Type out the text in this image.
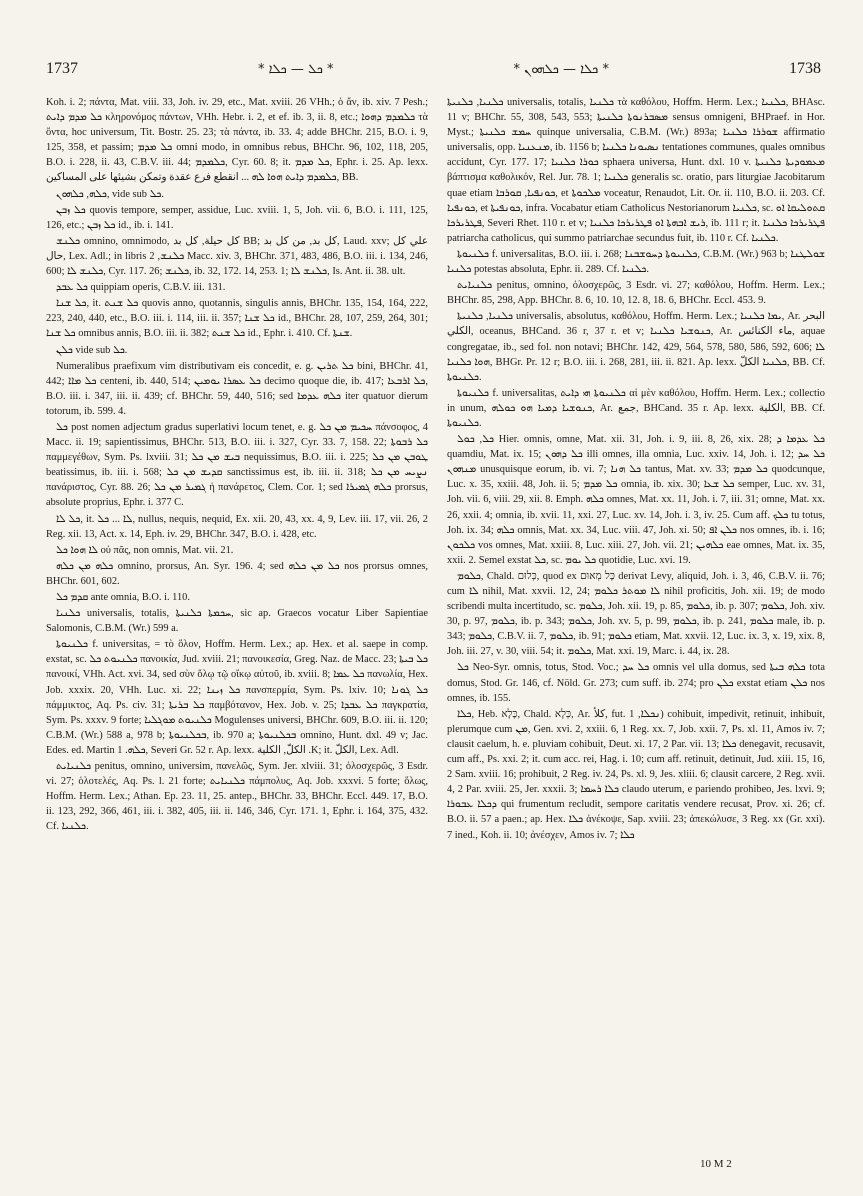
1737	* ܟܠ — ܟܠܐ *	* ܟܠܐ — ܟܠܗܘܢ *	1738

Koh. i. 2; πάντα, Mat. viii. 33, Joh. iv. 29, etc., Mat. xviii. 26 VHh.; ὁ ἄν, ib. xiv. 7 Pesh.; ܟܠ ܡܕܡ ܕܐܝܬ κληρονόμος πάντων, VHh. Hebr. i. 2, et ef. ib. 3, ii. 8, etc.; ܟܠܡܕܡ ܕܗܘܐ τὰ ὄντα, hoc universum, Tit. Bostr. 25. 23; τὰ πάντα, ib. 33. 4; adde BHChr. 215, B.O. i. 9, 125, 358, et passim; ܟܠ ܡܕܡ omni modo, in omnibus rebus, BHChr. 96, 102, 118, 205, B.O. i. 228, ii. 43, C.B.V. iii. 44; ܟܠܡܕܡ, Cyr. 60. 8; it. ܟܠ ܡܕܡ, Ephr. i. 25. Ap. lexx. ܟܠܡܕܡ ܕܐܝܬ ܗܘܐ ܠܗ ... انقطع فرع عقدة وتمكن بشيئها على المساكين, BB.

ܟܠܗ, ܟܠܗܘܢ, vide sub ܟܠ.

ܟܠ ܙܒܢ quovis tempore, semper, assidue, Luc. xviii. 1, 5, Joh. vii. 6, B.O. i. 111, 125, 126, etc.; ܟܠ ܙܒܢ id., ib. i. 141.

ܟܠܢܫ omnino, omnimodo, كل حيلة, كل بد BB; كل بد, من كل بد, Laud. xxv; علي كل حال, Lex. Adl.; in libris ܟܠܢܫ, 2 Macc. xiv. 3, BHChr. 371, 483, 486, B.O. iii. i. 134, 246, 600; ܟܠܢܫ ܠܐ, Cyr. 117. 26; ܟܠܢܫ, ib. 32, 172. 14, 253. 1; ܟܠܢܫ ܠܐ, Is. Ant. ii. 38. ult.

ܟܠ ܥܒܕ quippiam operis, C.B.V. iii. 131.

ܟܠ ܫܢܐ, it. ܟܠ ܫܢܬ quovis anno, quotannis, singulis annis, BHChr. 135, 154, 164, 222, 223, 240, 440, etc., B.O. iii. i. 114, iii. ii. 357; ܟܠ ܫܢܐ id., BHChr. 28, 107, 259, 264, 301; ܟܠ ܫܢܐ omnibus annis, B.O. iii. ii. 382; ܟܠ ܫܢܬ id., Ephr. i. 410. Cf. ܫܢܬܐ.

ܟܠܢ vide sub ܟܠ.

Numeralibus praefixum vim distributivam eis concedit, e. g. ܟܠ ܬܪܝܢ bini, BHChr. 41, 442; ܟܠ ܡܐܐ centeni, ib. 440, 514; ܟܠ ܥܣܪܐ ܝܘܡܝܢ decimo quoque die, ib. 417; ܟܠ ܐܪܒܥܐ, B.O. iii. i. 347, iii. ii. 439; cf. BHChr. 59, 440, 516; sed ܟܠܗ ܥܕܡܐ iter quatuor dierum totorum, ib. 599. 4.

ܟܠ post nomen adjectum gradus superlativi locum tenet, e. g. ܚܟܝܡ ܡܢ ܟܠ πάνσοφος, 4 Macc. ii. 19; sapientissimus, BHChr. 513, B.O. iii. i. 327, Cyr. 33. 7, 158. 22; ܟܠ ܪܒܘܬܐ παμμεγέθων, Sym. Ps. lxviii. 31; ܒܝܫ ܡܢ ܟܠ nequissimus, B.O. iii. i. 225; ܛܘܒܢ ܡܢ ܟܠ beatissimus, ib. iii. i. 568; ܩܕܝܫ ܡܢ ܟܠ sanctissimus est, ib. iii. ii. 318; ܢܨܝܚ ܡܢ ܟܠ πανάριστος, Cyr. 88. 26; ܓܡܝܪ ܡܢ ܟܠ ἡ πανάρετος, Clem. Cor. 1; sed ܟܠܗ ܓܡܝܪܐ prorsus, absolute proprius, Ephr. i. 377 C.

ܟܠ ܠܐ, it. ܠܐ ... ܟܠ, nullus, nequis, nequid, Ex. xii. 20, 43, xx. 4, 9, Lev. iii. 17, vii. 26, 2 Reg. xii. 13, Act. x. 14, Eph. iv. 29, BHChr. 347, B.O. i. 428, etc.

ܠܐ ܗܘܐ ܟܠ οὐ πᾶς, non omnis, Mat. vii. 21.

ܟܠܗ ܡܢ ܟܠܗ omnino, prorsus, An. Syr. 196. 4; sed ܟܠ ܡܢ ܟܠܗ nos prorsus omnes, BHChr. 601, 602.

ܩܕܡ ܟܠ ante omnia, B.O. i. 110.

ܟܠܢܝܐ universalis, totalis, ܚܟܡܬܐ ܟܠܢܝܬܐ, sic ap. Graecos vocatur Liber Sapientiae Salomonis, C.B.M. (Wr.) 599 a.

ܟܠܢܝܘܬܐ f. universitas, = τὸ ὅλον, Hoffm. Herm. Lex.; ap. Hex. et al. saepe in comp. exstat, sc. ܟܠܢܝܘܬ ܟܠ πανοικία, Jud. xviii. 21; πανοικεσία, Greg. Naz. de Macc. 23; ܟܠ ܒܝܬܐ πανοικί, VHh. Act. xvi. 34, sed σὺν ὅλῳ τῷ οἴκῳ αὐτοῦ, ib. xviii. 8; ܟܠ ܥܡܐ πανωλία, Hex. Job. xxxix. 20, VHh. Luc. xi. 22; ܟܠ ܙܝܢܐ πανσπερμία, Sym. Ps. lxiv. 10; ܟܠ ܓܘܢܐ πάμμικτος, Aq. Ps. civ. 31; ܟܠ ܒܪܝܬܐ παμβότανον, Hex. Job. v. 25; ܟܠ ܥܒܕܐ παγκρατία, Sym. Ps. xxxv. 9 forte; ܟܠܢܝܘܬ ܡܘܓܠܝܐ Mogulenses universi, BHChr. 609, B.O. iii. ii. 120; C.B.M. (Wr.) 588 a, 978 b; ܒܟܠܢܝܘܬܐ, ib. 970 a; ܒܟܠܢܝܘܬܐ omnino, Hunt. dxl. 49 v; Jac. Edes. ed. Martin ܟܠܗ. 1, Severi Gr. 52 r. Ap. lexx. الكلّ, الكلية .K; it. الكلّ, Lex. Adl.

ܟܠܢܝܐܝܬ penitus, omnino, universim, πανελῶς, Sym. Jer. xlviii. 31; ὁλοσχερῶς, 3 Esdr. vi. 27; ὁλοτελές, Aq. Ps. l. 21 forte; ܟܠܢܝܐܝܬ πάμπολυς, Aq. Job. xxxvi. 5 forte; ὅλως, Hoffm. Herm. Lex.; Athan. Ep. 23. 11, 25. antep., BHChr. 33, BHChr. Eccl. 449. 17, B.O. ii. 123, 292, 366, 461, iii. i. 382, 405, iii. ii. 146, 346, Cyr. 171. 1, Ephr. i. 164, 375, 432. Cf. ܟܠܢܝܐ.

ܟܠܢܝܐ, ܟܠܢܝܬܐ universalis, totalis, ܟܠܢܝܐ τὰ καθόλου, Hoffm. Herm. Lex.; ܟܠܢܝܐ, BHAsc. 11 v; BHChr. 55, 308, 543, 553; ܡܣܒܪܢܘܬܐ ܟܠܢܝܬܐ sensus omnigeni, BHPraef. in Hor. Myst.; ܚܡܫ ܟܠܢܝܬܐ quinque universalia, C.B.M. (Wr.) 893a; ܫܘܪܪܐ ܟܠܢܝܐ affirmatio universalis, opp. ܡܢܥܢܝܐ, ib. 1156 b; ܢܣܝܘܢܐ ܟܠܢܝܐ tentationes communes, quales omnibus accidunt, Cyr. 177. 17; ܟܘܪܐ ܟܠܢܝܐ sphaera universa, Hunt. dxl. 10 v. ܡܥܡܘܕܝܬܐ ܟܠܢܝܬܐ βάπτισμα καθολικόν, Rel. Jur. 78. 1; ܟܠܢܝܐ generalis sc. oratio, pars liturgiae Jacobitarum quae etiam ܟܘܢܦܝܐ, ܩܘܪܒܐ, et ܡܠܟܘܬܐ voceatur, Renaudot, Lit. Or. ii. 110, B.O. ii. 203. Cf. ܟܘܢܦܝܐ, et ܟܘܢܦܝܬܐ, infra. Vocabatur etiam Catholicus Nestorianorum ܟܠܢܝܐ, sc. ܩܬܘܠܝܩܐ ܐܘ ܦܛܪܝܪܟܐ, Severi Rhet. 110 r. et v; ܪܝܫ ܐܒܗܬܐ ܐܘ ܦܛܪܝܪܟܐ ܟܠܢܝܐ, ib. 111 r; it. ܦܛܪܝܪܟܐ ܟܠܢܝܐ patriarcha catholicus, qui summo patriarchae secundus fuit, ib. 110 r. Cf. ܟܠܢܝܐ.

ܟܠܢܝܘܬܐ f. universalitas, B.O. iii. i. 268; ܟܠܢܝܘܬܐ ܕܚܘܫܒܢܐ, C.B.M. (Wr.) 963 b; ܫܘܠܛܢܐ ܟܠܢܝܐ potestas absoluta, Ephr. ii. 289. Cf. ܟܠܢܝܐ.

ܟܠܢܝܐܝܬ penitus, omnino, ὁλοσχερῶς, 3 Esdr. vi. 27; καθόλου, Hoffm. Herm. Lex.; BHChr. 85, 298, App. BHChr. 8. 6, 10. 10, 12. 8, 18. 6, BHChr. Eccl. 453. 9.

ܟܠܢܝܐ, ܟܠܢܝܬܐ universalis, absolutus, καθόλου, Hoffm. Herm. Lex.; ܝܡܐ ܟܠܢܝܐ, Ar. البحر الكلي, oceanus, BHCand. 36 r, 37 r. et v; ܟܢܘܫܝܐ ܟܠܢܝܐ, Ar. ماء الكنائس, aquae congregatae, ib., sed fol. non notavi; BHChr. 142, 429, 564, 578, 580, 586, 592, 606; ܠܐ ܗܘܐ ܟܠܢܝܐ, BHGr. Pr. 12 r; B.O. iii. i. 268, 281, iii. ii. 821. Ap. lexx. ܟܠܢܝܐ الكلّ, BB. Cf. ܟܠܢܝܘܬܐ.

ܟܠܢܝܘܬܐ f. universalitas, ܟܠܢܝܘܬܐ ܗܝ ܕܐܝܬ αἱ μὲν καθόλου, Hoffm. Herm. Lex.; collectio in unum, ܟܢܘܫܝܐ ܕܡܝܐ ܗܘ ܟܘܠܗ, Ar. جمع, BHCand. 35 r. Ap. lexx. الكلية, BB. Cf. ܟܠܢܝܘܬܐ.

ܟܠ, ܟܘܠ Hier. omnis, omne, Mat. xii. 31, Joh. i. 9, iii. 8, 26, xix. 28; ܟܠ ܥܕܡܐ ܕ quamdiu, Mat. ix. 15; ܟܠ ܕܗܘܢ illi omnes, illa omnia, Luc. xxiv. 14, Joh. i. 12; ܟܠ ܚܕ ܡܢܗܘܢ unusquisque eorum, ib. vi. 7; ܟܠ ܗܢܐ tantus, Mat. xv. 33; ܟܠ ܡܕܡ quodcunque, Luc. x. 35, xxiii. 48, Joh. ii. 5; ܟܠ ܡܕܡ omnia, ib. xix. 30; ܟܠ ܫܥܐ semper, Luc. xv. 31, Joh. vii. 6, viii. 29, xii. 8. Emph. ܟܠܗ omnes, Mat. xx. 11, Joh. i. 7, iii. 31; omne, Mat. xx. 26, xxii. 4; omnia, ib. xvii. 11, xxi. 27, Luc. xv. 14, Joh. i. 3, iv. 25. Cum aff. ܟܠܟ tu totus, Joh. ix. 34; ܟܠܗ omnis, Mat. xx. 34, Luc. viii. 47, Joh. xi. 50; ܟܠܢ ܐܦ nos omnes, ib. i. 16; ܟܠܟܘܢ vos omnes, Mat. xxiii. 8, Luc. xiii. 27, Joh. vii. 21; ܟܠܗܝܢ eae omnes, Mat. ix. 35, xxii. 2. Semel exstat ܟܠ, sc. ܟܠ ܝܘܡ quotidie, Luc. xvi. 19.

ܟܠܘܡ, Chald. כְּלוּם, quod ex כָּל מְאוּם derivat Levy, aliquid, Joh. i. 3, 46, C.B.V. ii. 76; cum ܠܐ nihil, Mat. xxvii. 12, 24; ܠܐ ܡܘܬܪ ܟܠܘܡ nihil proficitis, Joh. xii. 19; de modo scribendi multa incertitudo, sc. ܟܠܘܡ, Joh. xii. 19, p. 85, ܟܠܘܡ, ib. p. 307; ܟܠܘܡ, Joh. xiv. 30, p. 97, ܟܠܘܡ, ib. p. 343; ܟܠܘܡ, Joh. xv. 5, p. 99, ܟܠܘܡ, ib. p. 241, ܟܠܘܡ male, ib. p. 343; ܟܠܘܡ, C.B.V. ii. 7, ܟܠܘܡ, ib. 91; ܟܠܘܡ etiam, Mat. xxvii. 12, Luc. ix. 3, x. 19, xix. 8, Joh. iii. 27, v. 30, viii. 54; it. ܟܠܘܡ, Mat. xxi. 19, Marc. i. 44, ix. 28.

ܟܠ Neo-Syr. omnis, totus, Stod. Voc.; ܟܠ ܚܕ omnis vel ulla domus, sed ܟܠܗ ܒܝܬܐ tota domus, Stod. Gr. 146, cf. Nöld. Gr. 273; cum suff. ib. 274; pro ܟܠܢ exstat etiam ܟܠܢ nos omnes, ib. 155.

ܟܠܐ, Heb. כָּלָא, Chald. כְּלָא, Ar. كلأ, fut. ܢܟܠܐ, 1) cohibuit, impedivit, retinuit, inhibuit, plerumque cum ܡܢ, Gen. xvi. 2, xxiii. 6, 1 Reg. xx. 7, Job. xxii. 7, Ps. xl. 11, Amos iv. 7; clausit caelum, h. e. pluviam cohibuit, Deut. xi. 17, 2 Par. vii. 13; ܟܠܐ denegavit, recusavit, cum aff., Ps. xxi. 2; it. cum acc. rei, Hag. i. 10; cum aff. retinuit, detinuit, Jud. xiii. 15, 16, 2 Sam. xviii. 16; prohibuit, 2 Reg. iv. 24, Ps. xl. 9, Jes. xliii. 6; clausit carcere, 2 Reg. xvii. 4, 2 Par. xviii. 25, Jer. xxxii. 3; ܟܠܐ ܪܚܡܐ claudo uterum, e pariendo prohibeo, Jes. lxvi. 9; ܕܟܠܐ ܥܒܘܪܐ qui frumentum recludit, sempore caritatis vendere recusat, Prov. xi. 26; cf. B.O. ii. 57 a paen.; ap. Hex. ܟܠܐ ἀνέκοψε, Sap. xviii. 23; ἀπεκώλυσε, 3 Reg. xx (Gr. xxi). 7 ined., Koh. ii. 10; ἀνέσχεν, Amos iv. 7; ܟܠܐ

10 M 2
